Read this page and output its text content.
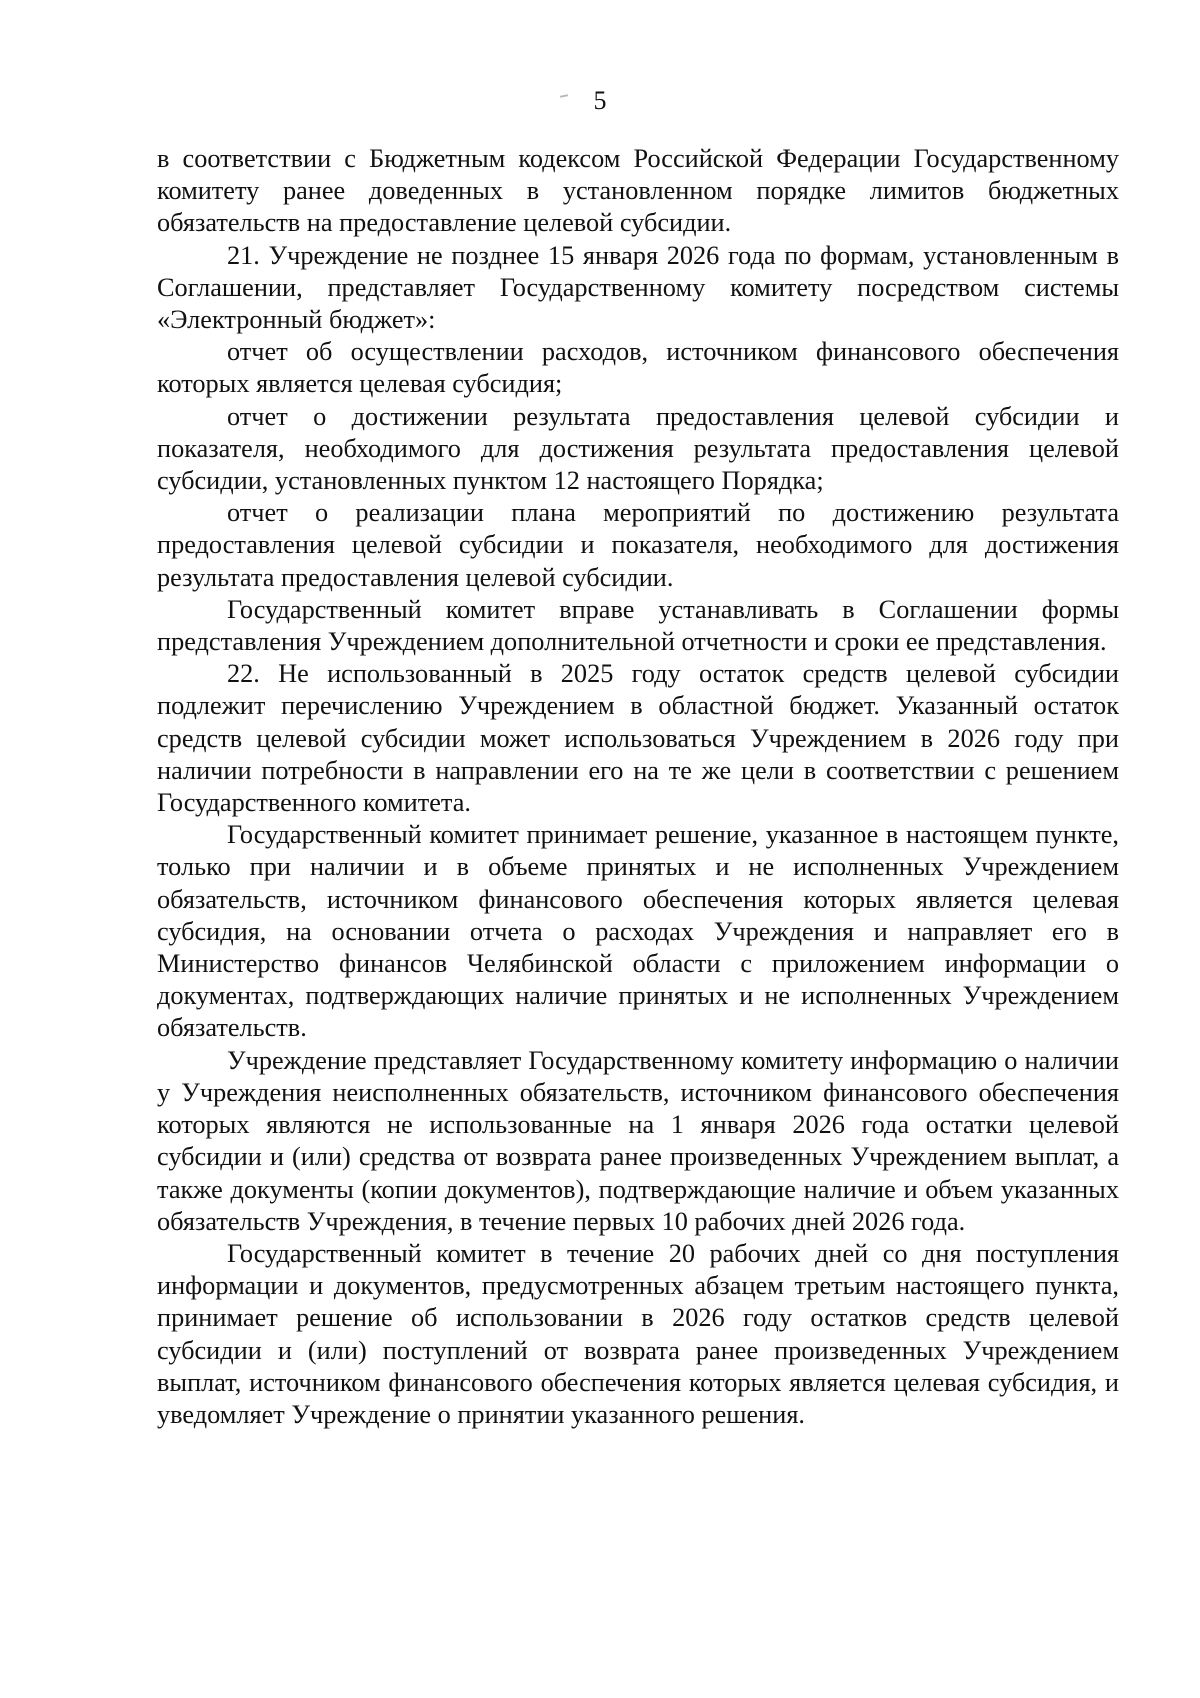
5

в соответствии с Бюджетным кодексом Российской Федерации Государственному комитету ранее доведенных в установленном порядке лимитов бюджетных обязательств на предоставление целевой субсидии.

21. Учреждение не позднее 15 января 2026 года по формам, установленным в Соглашении, представляет Государственному комитету посредством системы «Электронный бюджет»:

отчет об осуществлении расходов, источником финансового обеспечения которых является целевая субсидия;

отчет о достижении результата предоставления целевой субсидии и показателя, необходимого для достижения результата предоставления целевой субсидии, установленных пунктом 12 настоящего Порядка;

отчет о реализации плана мероприятий по достижению результата предоставления целевой субсидии и показателя, необходимого для достижения результата предоставления целевой субсидии.

Государственный комитет вправе устанавливать в Соглашении формы представления Учреждением дополнительной отчетности и сроки ее представления.

22. Не использованный в 2025 году остаток средств целевой субсидии подлежит перечислению Учреждением в областной бюджет. Указанный остаток средств целевой субсидии может использоваться Учреждением в 2026 году при наличии потребности в направлении его на те же цели в соответствии с решением Государственного комитета.

Государственный комитет принимает решение, указанное в настоящем пункте, только при наличии и в объеме принятых и не исполненных Учреждением обязательств, источником финансового обеспечения которых является целевая субсидия, на основании отчета о расходах Учреждения и направляет его в Министерство финансов Челябинской области с приложением информации о документах, подтверждающих наличие принятых и не исполненных Учреждением обязательств.

Учреждение представляет Государственному комитету информацию о наличии у Учреждения неисполненных обязательств, источником финансового обеспечения которых являются не использованные на 1 января 2026 года остатки целевой субсидии и (или) средства от возврата ранее произведенных Учреждением выплат, а также документы (копии документов), подтверждающие наличие и объем указанных обязательств Учреждения, в течение первых 10 рабочих дней 2026 года.

Государственный комитет в течение 20 рабочих дней со дня поступления информации и документов, предусмотренных абзацем третьим настоящего пункта, принимает решение об использовании в 2026 году остатков средств целевой субсидии и (или) поступлений от возврата ранее произведенных Учреждением выплат, источником финансового обеспечения которых является целевая субсидия, и уведомляет Учреждение о принятии указанного решения.
